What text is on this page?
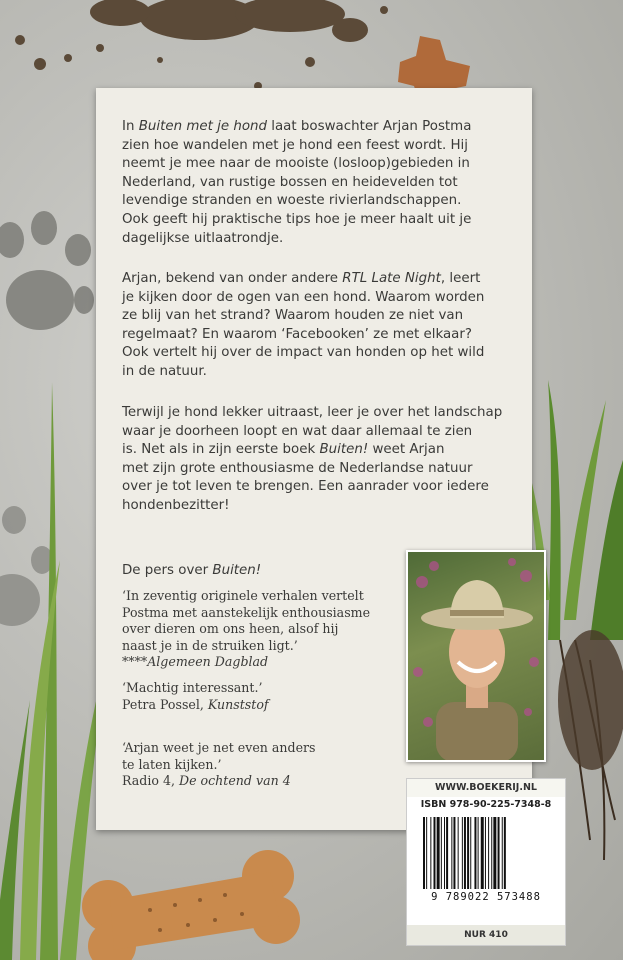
In Buiten met je hond laat boswachter Arjan Postma
zien hoe wandelen met je hond een feest wordt. Hij
neemt je mee naar de mooiste (losloop)gebieden in
Nederland, van rustige bossen en heidevelden tot
levendige stranden en woeste rivierlandschappen.
Ook geeft hij praktische tips hoe je meer haalt uit je
dagelijkse uitlaatrondje.

Arjan, bekend van onder andere RTL Late Night, leert
je kijken door de ogen van een hond. Waarom worden
ze blij van het strand? Waarom houden ze niet van
regelmaat? En waarom ‘Facebooken’ ze met elkaar?
Ook vertelt hij over de impact van honden op het wild
in de natuur.

Terwijl je hond lekker uitraast, leer je over het landschap
waar je doorheen loopt en wat daar allemaal te zien
is. Net als in zijn eerste boek Buiten! weet Arjan
met zijn grote enthousiasme de Nederlandse natuur
over je tot leven te brengen. Een aanrader voor iedere
hondenbezitter!

De pers over Buiten!

‘In zeventig originele verhalen vertelt
Postma met aanstekelijk enthousiasme
over dieren om ons heen, alsof hij
naast je in de struiken ligt.’
****Algemeen Dagblad

‘Machtig interessant.’
Petra Possel, Kunststof

‘Arjan weet je net even anders
te laten kijken.’
Radio 4, De ochtend van 4	WWW.BOEKERIJ.NL
ISBN 978-90-225-7348-8
9 789022 573488
NUR 410
